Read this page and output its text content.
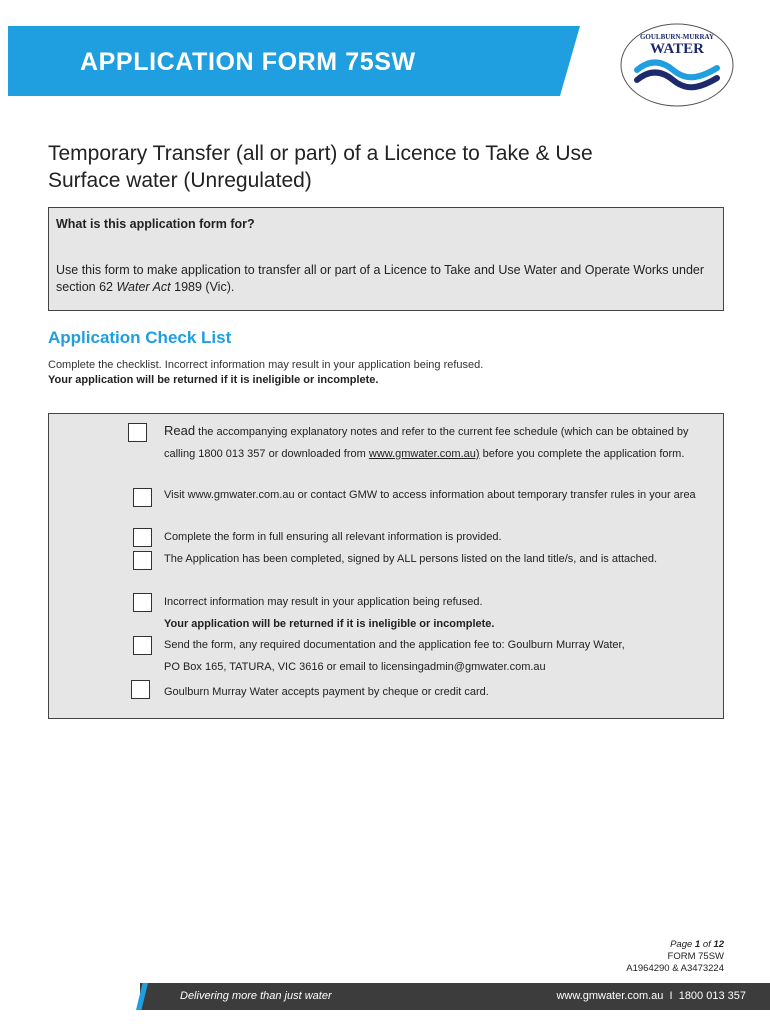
APPLICATION FORM 75SW
GOULBURN-MURRAY
WATER
Temporary Transfer (all or part) of a Licence to Take & Use
Surface water (Unregulated)
What is this application form for?
Use this form to make application to transfer all or part of a Licence to Take and Use Water and Operate Works under section 62 Water Act 1989 (Vic).
Application Check List
Complete the checklist. Incorrect information may result in your application being refused.
Your application will be returned if it is ineligible or incomplete.
Read the accompanying explanatory notes and refer to the current fee schedule (which can be obtained by calling 1800 013 357 or downloaded from www.gmwater.com.au) before you complete the application form.
Visit www.gmwater.com.au or contact GMW to access information about temporary transfer rules in your area
Complete the form in full ensuring all relevant information is provided.
The Application has been completed, signed by ALL persons listed on the land title/s, and is attached.
Incorrect information may result in your application being refused.
Your application will be returned if it is ineligible or incomplete.
Send the form, any required documentation and the application fee to: Goulburn Murray Water,
PO Box 165, TATURA, VIC 3616 or email to licensingadmin@gmwater.com.au
Goulburn Murray Water accepts payment by cheque or credit card.
Page 1 of 12
FORM 75SW
A1964290 & A3473224
Delivering more than just water	www.gmwater.com.au  I  1800 013 357
